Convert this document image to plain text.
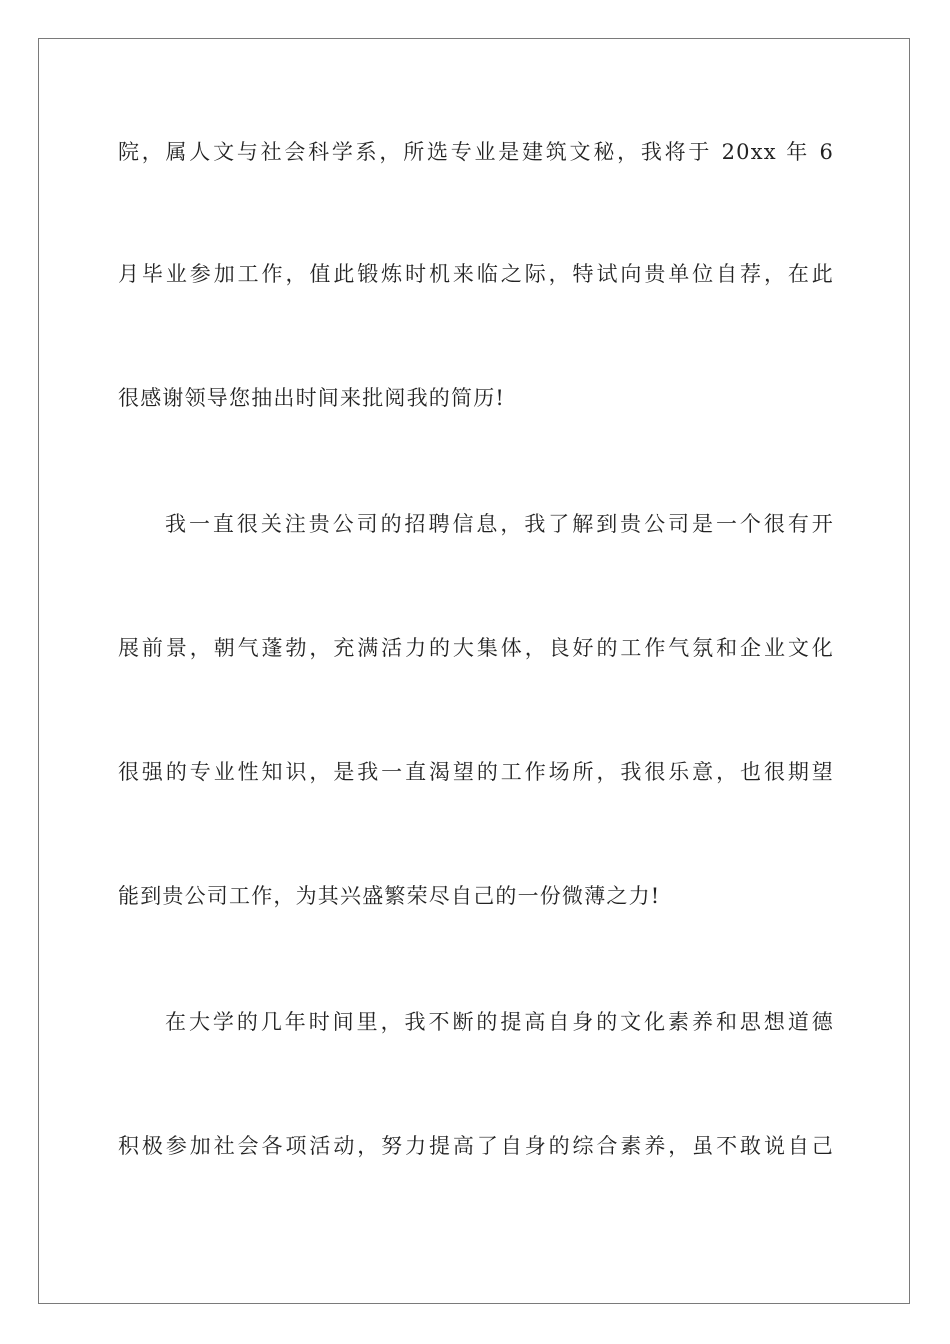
院，属人文与社会科学系，所选专业是建筑文秘，我将于 20xx 年 6

月毕业参加工作，值此锻炼时机来临之际，特试向贵单位自荐，在此

很感谢领导您抽出时间来批阅我的简历!

我一直很关注贵公司的招聘信息，我了解到贵公司是一个很有开

展前景，朝气蓬勃，充满活力的大集体，良好的工作气氛和企业文化

很强的专业性知识，是我一直渴望的工作场所，我很乐意，也很期望

能到贵公司工作，为其兴盛繁荣尽自己的一份微薄之力!

在大学的几年时间里，我不断的提高自身的文化素养和思想道德

积极参加社会各项活动，努力提高了自身的综合素养，虽不敢说自己
